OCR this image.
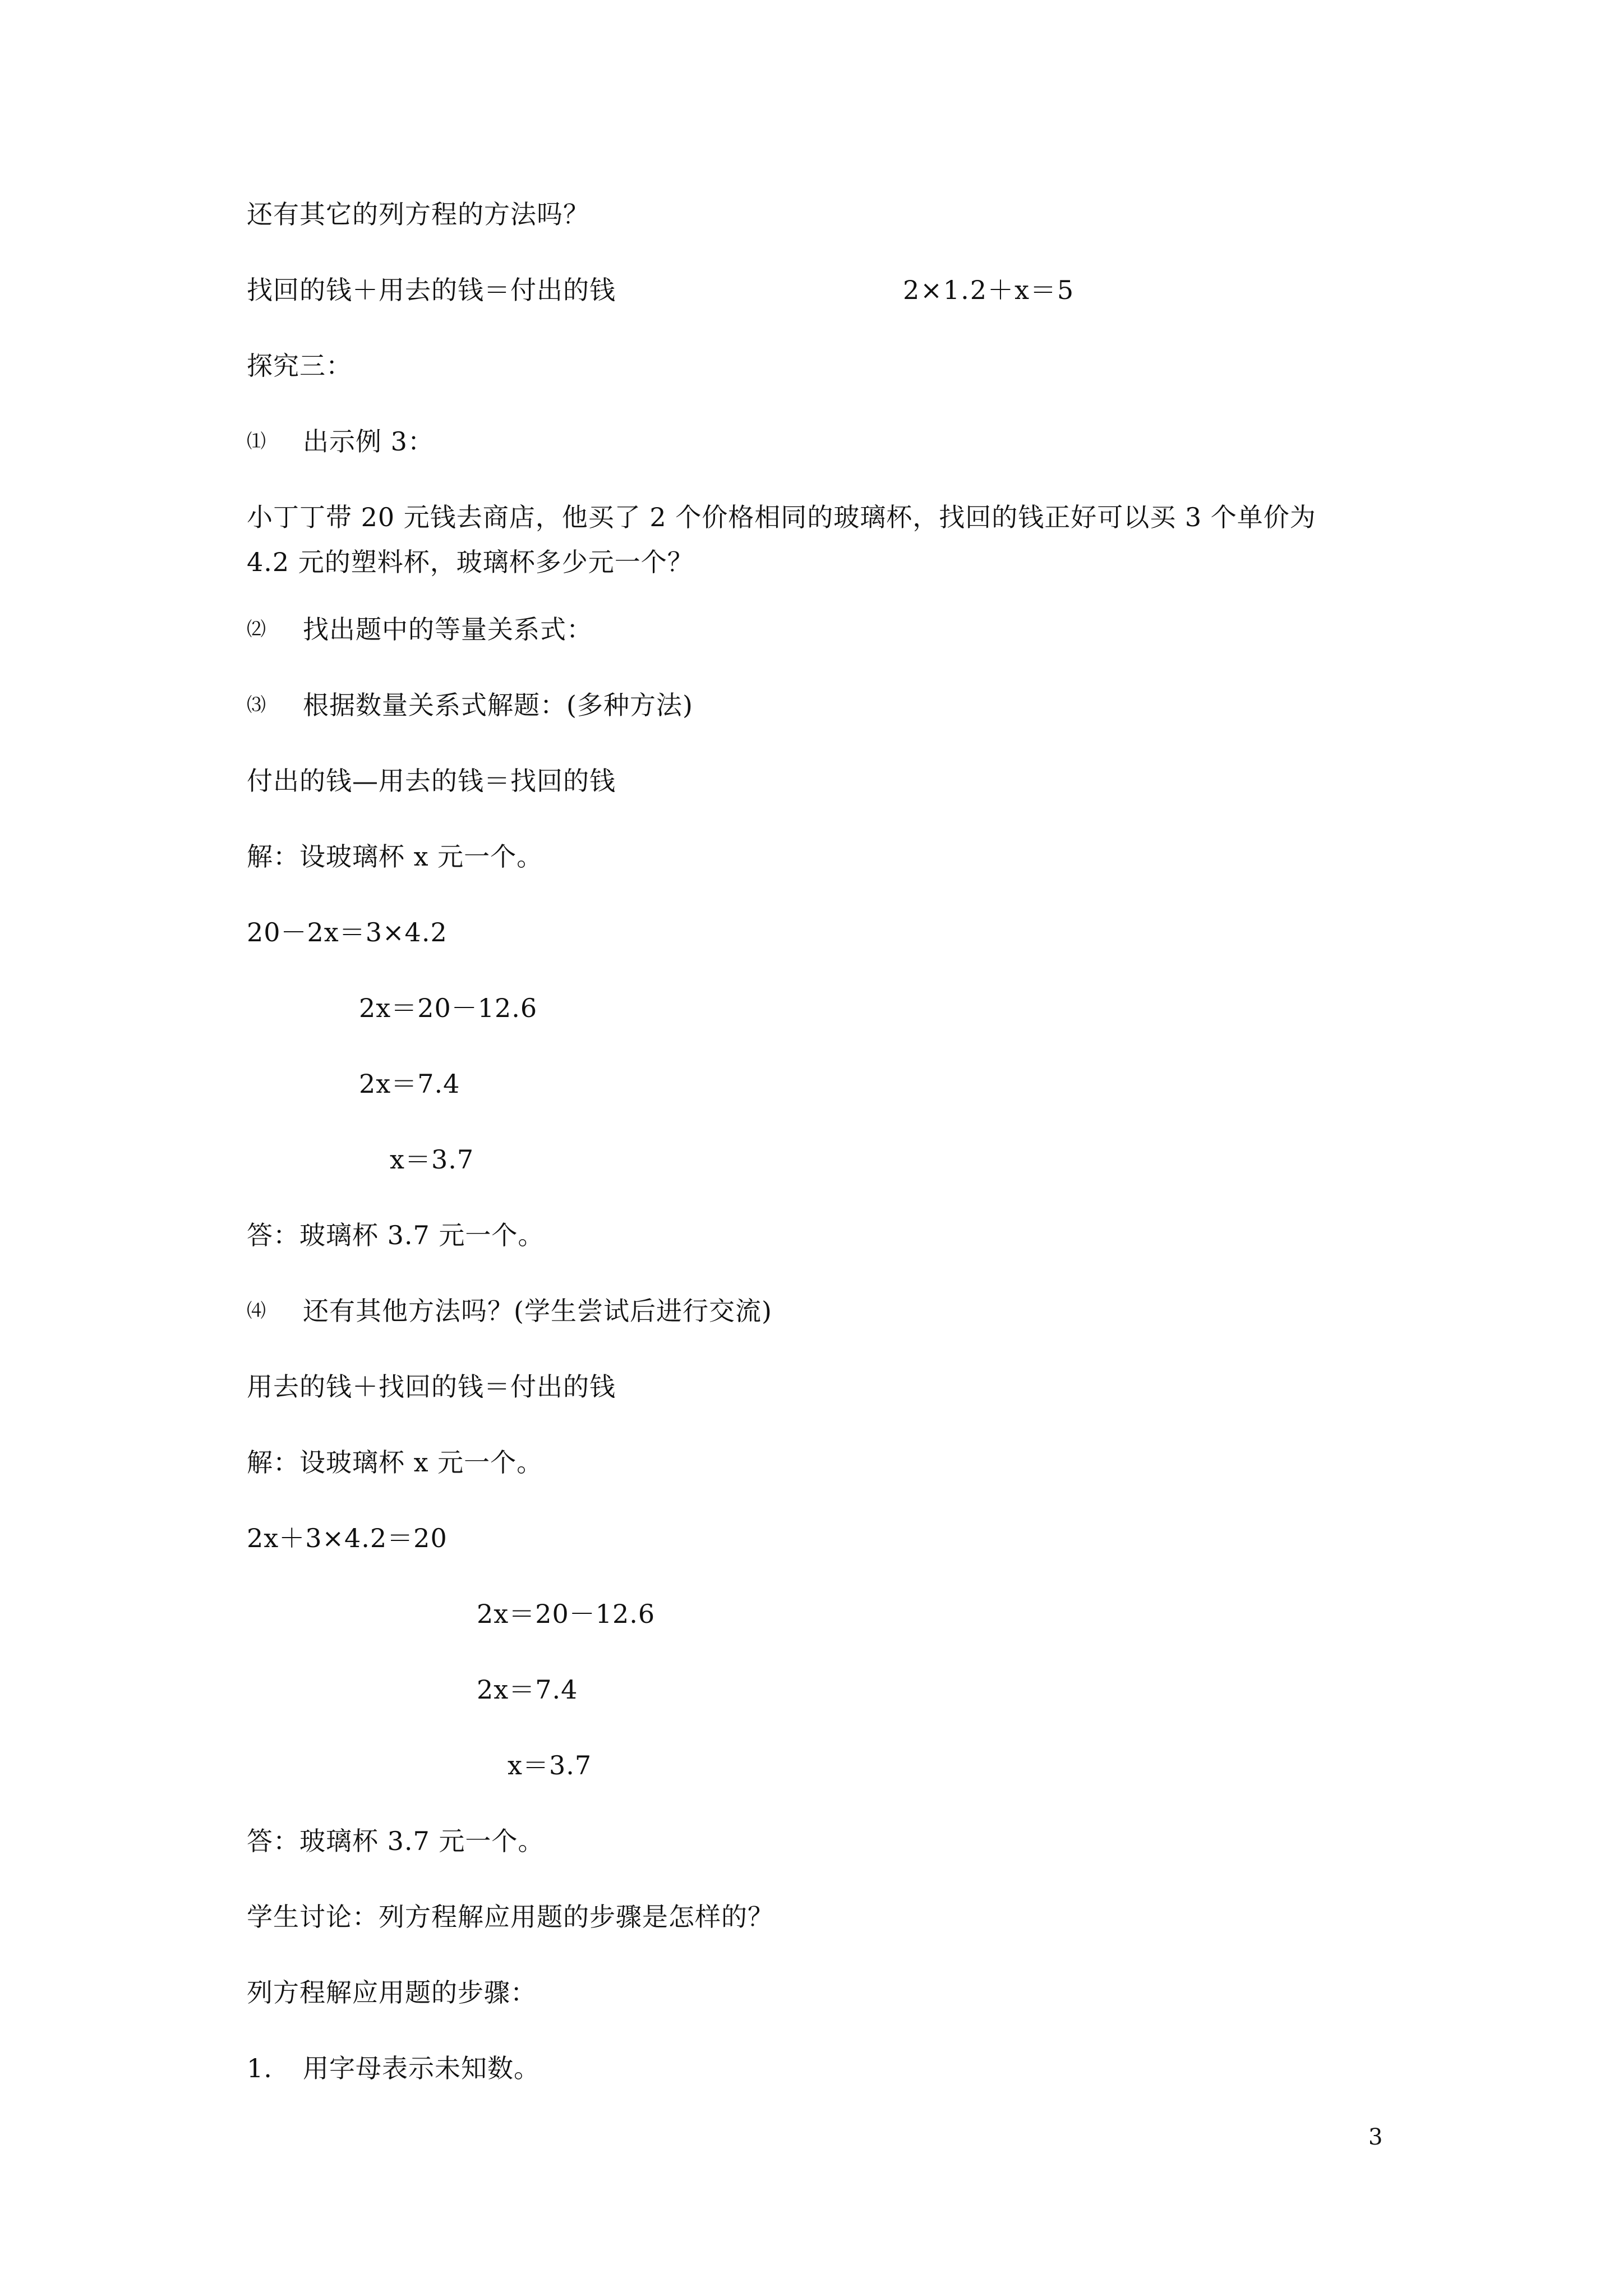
还有其它的列方程的方法吗？
找回的钱＋用去的钱＝付出的钱	2×1.2＋x＝5
探究三：
⑴ 出示例 3：
小丁丁带 20 元钱去商店，他买了 2 个价格相同的玻璃杯，找回的钱正好可以买 3 个单价为
4.2 元的塑料杯，玻璃杯多少元一个？
⑵ 找出题中的等量关系式：
⑶ 根据数量关系式解题：(多种方法)
付出的钱—用去的钱＝找回的钱
解：设玻璃杯 x 元一个。
20－2x＝3×4.2
2x＝20－12.6
2x＝7.4
x＝3.7
答：玻璃杯 3.7 元一个。
⑷ 还有其他方法吗？(学生尝试后进行交流)
用去的钱＋找回的钱＝付出的钱
解：设玻璃杯 x 元一个。
2x＋3×4.2＝20
2x＝20－12.6
2x＝7.4
x＝3.7
答：玻璃杯 3.7 元一个。
学生讨论：列方程解应用题的步骤是怎样的？
列方程解应用题的步骤：
1. 用字母表示未知数。
3
